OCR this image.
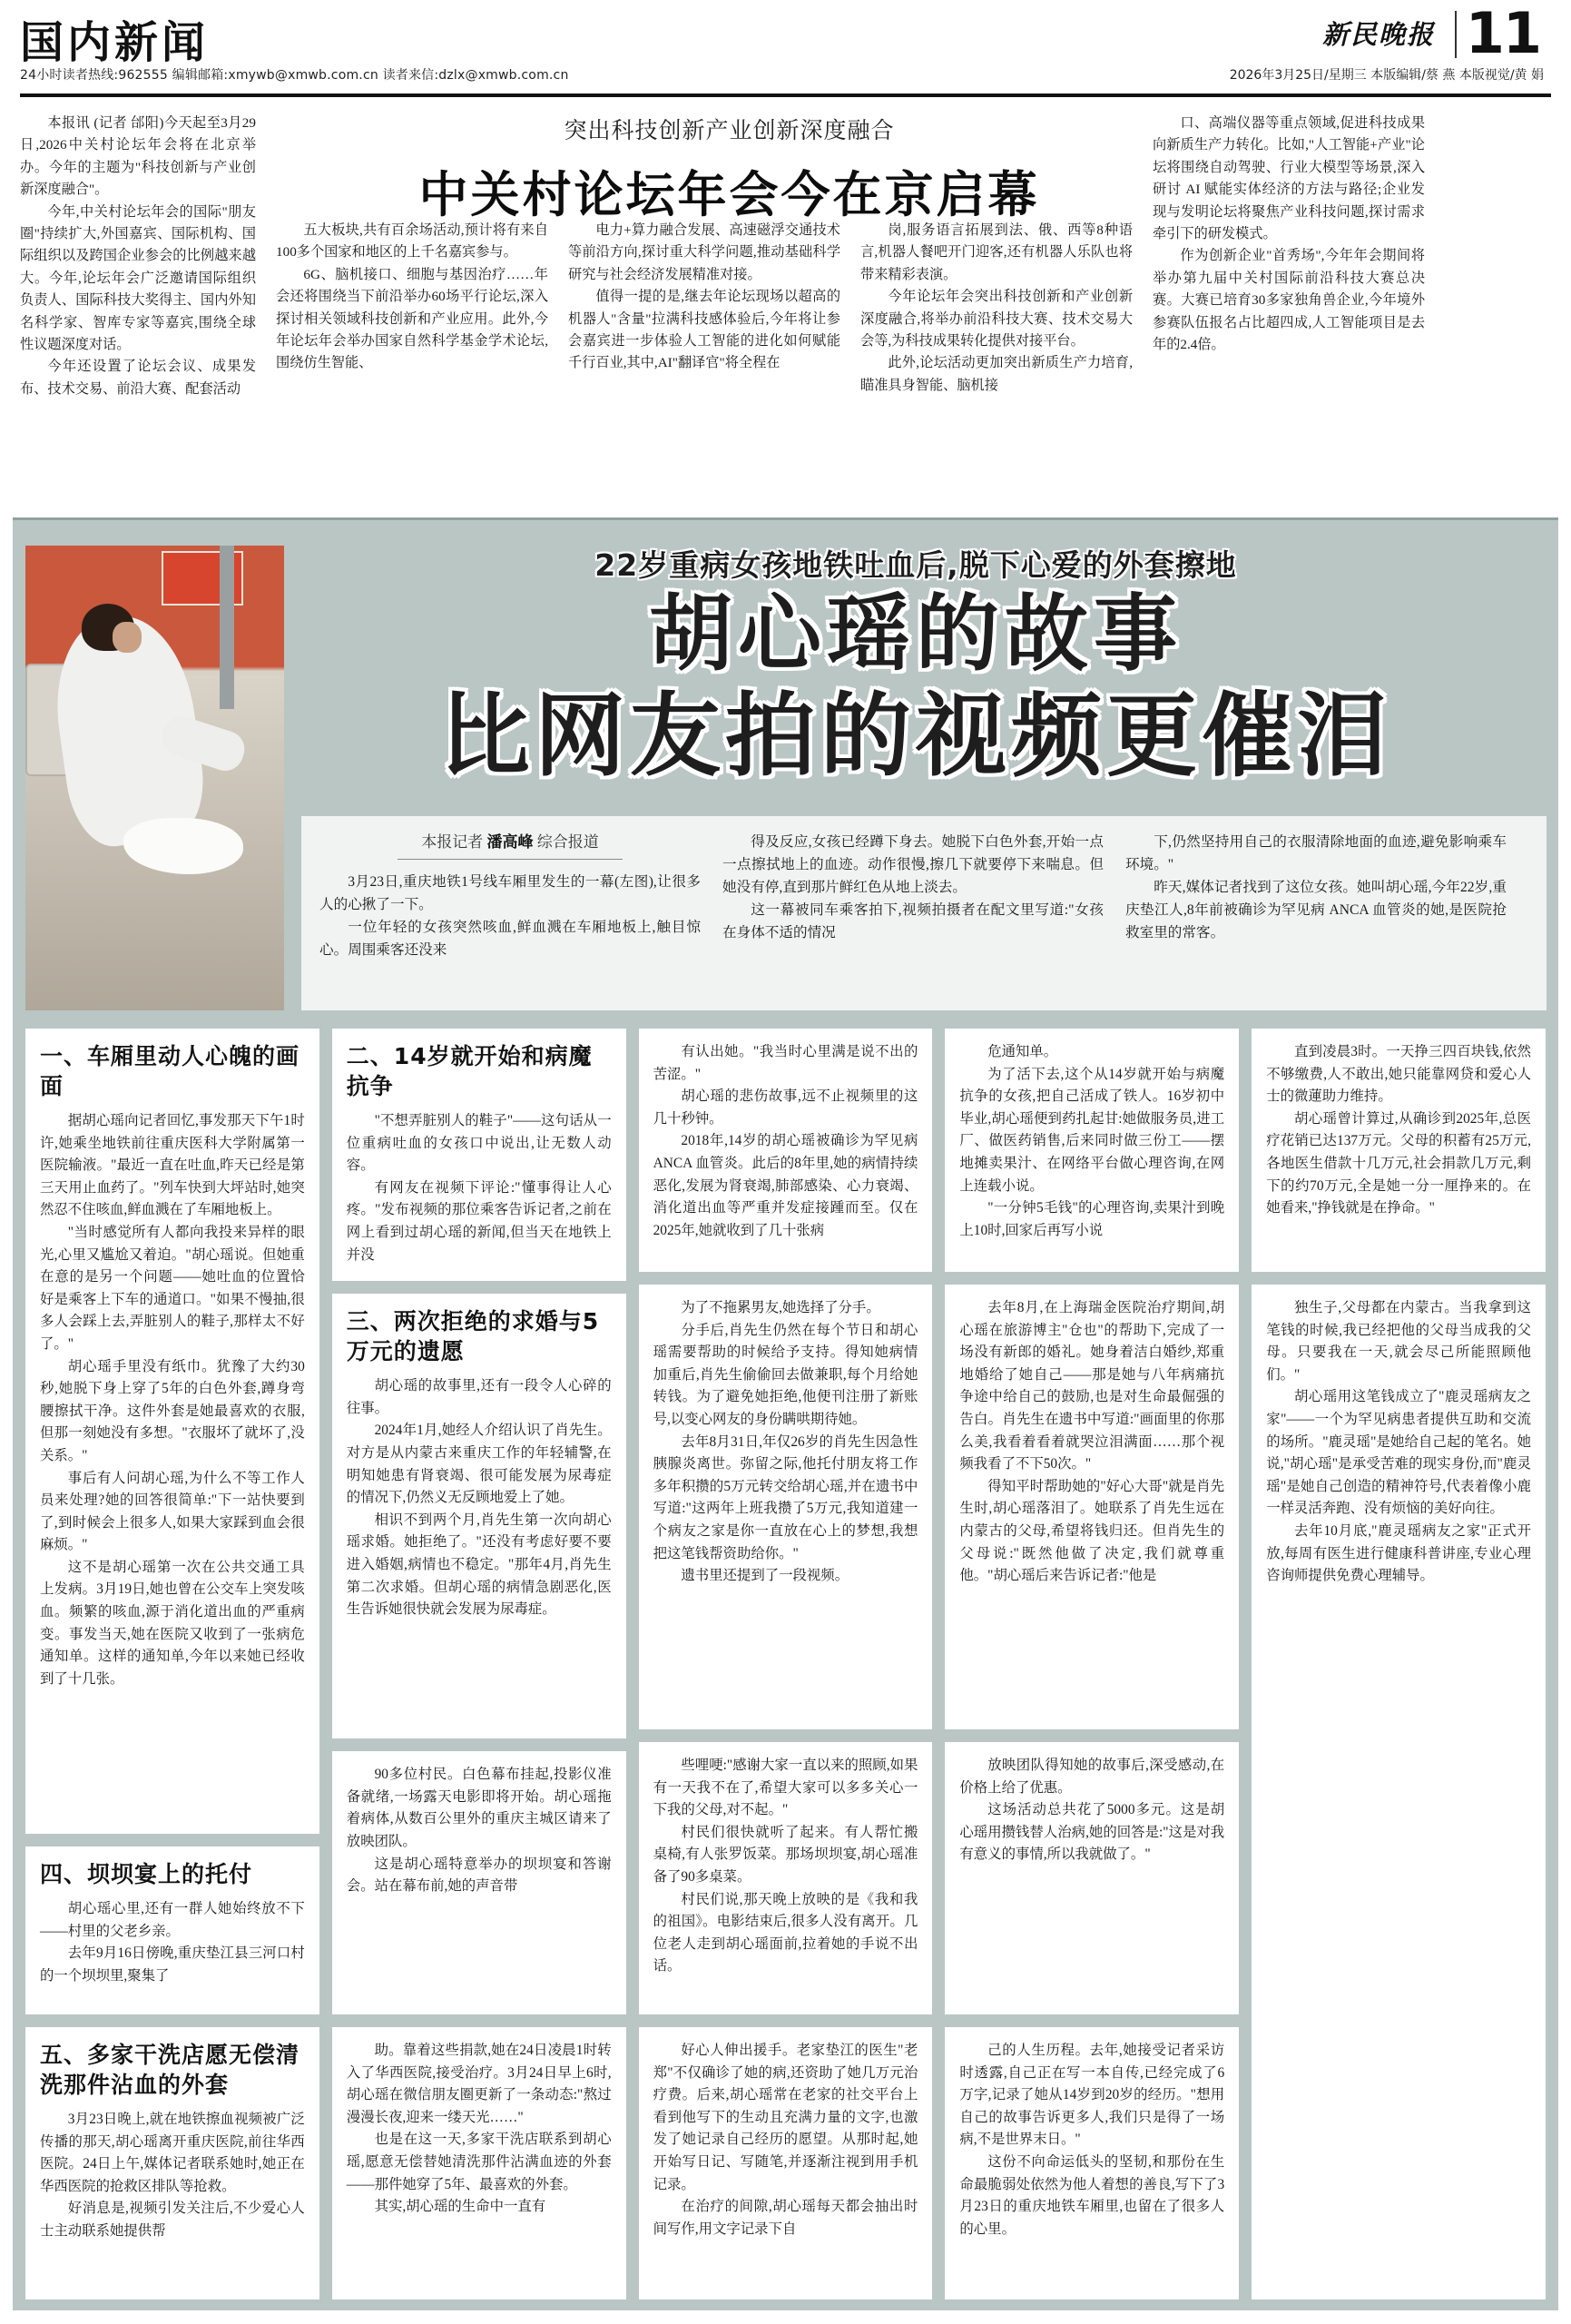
国内新闻	新民晚报 11
24小时读者热线:962555 编辑邮箱:xmywb@xmwb.com.cn 读者来信:dzlx@xmwb.com.cn	2026年3月25日/星期三 本版编辑/蔡 燕 本版视觉/黄 娟
突出科技创新产业创新深度融合
中关村论坛年会今在京启幕

本报讯 (记者 邰阳)今天起至3月29日,2026中关村论坛年会将在北京举办。今年的主题为"科技创新与产业创新深度融合"。

今年,中关村论坛年会的国际"朋友圈"持续扩大,外国嘉宾、国际机构、国际组织以及跨国企业参会的比例越来越大。今年,论坛年会广泛邀请国际组织负责人、国际科技大奖得主、国内外知名科学家、智库专家等嘉宾,围绕全球性议题深度对话。

今年还设置了论坛会议、成果发布、技术交易、前沿大赛、配套活动

五大板块,共有百余场活动,预计将有来自100多个国家和地区的上千名嘉宾参与。

6G、脑机接口、细胞与基因治疗……年会还将围绕当下前沿举办60场平行论坛,深入探讨相关领域科技创新和产业应用。此外,今年论坛年会举办国家自然科学基金学术论坛,围绕仿生智能、

电力+算力融合发展、高速磁浮交通技术等前沿方向,探讨重大科学问题,推动基础科学研究与社会经济发展精准对接。

值得一提的是,继去年论坛现场以超高的机器人"含量"拉满科技感体验后,今年将让参会嘉宾进一步体验人工智能的进化如何赋能千行百业,其中,AI"翻译官"将全程在

岗,服务语言拓展到法、俄、西等8种语言,机器人餐吧开门迎客,还有机器人乐队也将带来精彩表演。

今年论坛年会突出科技创新和产业创新深度融合,将举办前沿科技大赛、技术交易大会等,为科技成果转化提供对接平台。

此外,论坛活动更加突出新质生产力培育,瞄准具身智能、脑机接

口、高端仪器等重点领域,促进科技成果向新质生产力转化。比如,"人工智能+产业"论坛将围绕自动驾驶、行业大模型等场景,深入研讨 AI 赋能实体经济的方法与路径;企业发现与发明论坛将聚焦产业科技问题,探讨需求牵引下的研发模式。

作为创新企业"首秀场",今年年会期间将举办第九届中关村国际前沿科技大赛总决赛。大赛已培育30多家独角兽企业,今年境外参赛队伍报名占比超四成,人工智能项目是去年的2.4倍。

22岁重病女孩地铁吐血后,脱下心爱的外套擦地
胡心瑶的故事
比网友拍的视频更催泪
本报记者 潘高峰 综合报道

3月23日,重庆地铁1号线车厢里发生的一幕(左图),让很多人的心揪了一下。

一位年轻的女孩突然咳血,鲜血溅在车厢地板上,触目惊心。周围乘客还没来

得及反应,女孩已经蹲下身去。她脱下白色外套,开始一点一点擦拭地上的血迹。动作很慢,擦几下就要停下来喘息。但她没有停,直到那片鲜红色从地上淡去。

这一幕被同车乘客拍下,视频拍摄者在配文里写道:"女孩在身体不适的情况

下,仍然坚持用自己的衣服清除地面的血迹,避免影响乘车环境。"

昨天,媒体记者找到了这位女孩。她叫胡心瑶,今年22岁,重庆垫江人,8年前被确诊为罕见病 ANCA 血管炎的她,是医院抢救室里的常客。

一、车厢里动人心魄的画面

据胡心瑶向记者回忆,事发那天下午1时许,她乘坐地铁前往重庆医科大学附属第一医院输液。"最近一直在吐血,昨天已经是第三天用止血药了。"列车快到大坪站时,她突然忍不住咳血,鲜血溅在了车厢地板上。

"当时感觉所有人都向我投来异样的眼光,心里又尴尬又着迫。"胡心瑶说。但她重在意的是另一个问题——她吐血的位置恰好是乘客上下车的通道口。"如果不慢抽,很多人会踩上去,弄脏别人的鞋子,那样太不好了。"

胡心瑶手里没有纸巾。犹豫了大约30秒,她脱下身上穿了5年的白色外套,蹲身弯腰擦拭干净。这件外套是她最喜欢的衣服,但那一刻她没有多想。"衣服坏了就坏了,没关系。"

事后有人问胡心瑶,为什么不等工作人员来处理?她的回答很简单:"下一站快要到了,到时候会上很多人,如果大家踩到血会很麻烦。"

这不是胡心瑶第一次在公共交通工具上发病。3月19日,她也曾在公交车上突发咳血。频繁的咳血,源于消化道出血的严重病变。事发当天,她在医院又收到了一张病危通知单。这样的通知单,今年以来她已经收到了十几张。

四、坝坝宴上的托付

胡心瑶心里,还有一群人她始终放不下——村里的父老乡亲。

去年9月16日傍晚,重庆垫江县三河口村的一个坝坝里,聚集了

五、多家干洗店愿无偿清洗那件沾血的外套

3月23日晚上,就在地铁擦血视频被广泛传播的那天,胡心瑶离开重庆医院,前往华西医院。24日上午,媒体记者联系她时,她正在华西医院的抢救区排队等抢救。

好消息是,视频引发关注后,不少爱心人士主动联系她提供帮

二、14岁就开始和病魔抗争

"不想弄脏别人的鞋子"——这句话从一位重病吐血的女孩口中说出,让无数人动容。

有网友在视频下评论:"懂事得让人心疼。"发布视频的那位乘客告诉记者,之前在网上看到过胡心瑶的新闻,但当天在地铁上并没

三、两次拒绝的求婚与5万元的遗愿

胡心瑶的故事里,还有一段令人心碎的往事。

2024年1月,她经人介绍认识了肖先生。对方是从内蒙古来重庆工作的年轻辅警,在明知她患有肾衰竭、很可能发展为尿毒症的情况下,仍然义无反顾地爱上了她。

相识不到两个月,肖先生第一次向胡心瑶求婚。她拒绝了。"还没有考虑好要不要进入婚姻,病情也不稳定。"那年4月,肖先生第二次求婚。但胡心瑶的病情急剧恶化,医生告诉她很快就会发展为尿毒症。

90多位村民。白色幕布挂起,投影仪准备就绪,一场露天电影即将开始。胡心瑶拖着病体,从数百公里外的重庆主城区请来了放映团队。

这是胡心瑶特意举办的坝坝宴和答谢会。站在幕布前,她的声音带

助。靠着这些捐款,她在24日凌晨1时转入了华西医院,接受治疗。3月24日早上6时,胡心瑶在微信朋友圈更新了一条动态:"熬过漫漫长夜,迎来一缕天光……"

也是在这一天,多家干洗店联系到胡心瑶,愿意无偿替她清洗那件沾满血迹的外套——那件她穿了5年、最喜欢的外套。

其实,胡心瑶的生命中一直有

有认出她。"我当时心里满是说不出的苦涩。"

胡心瑶的悲伤故事,远不止视频里的这几十秒钟。

2018年,14岁的胡心瑶被确诊为罕见病 ANCA 血管炎。此后的8年里,她的病情持续恶化,发展为肾衰竭,肺部感染、心力衰竭、消化道出血等严重并发症接踵而至。仅在2025年,她就收到了几十张病

为了不拖累男友,她选择了分手。

分手后,肖先生仍然在每个节日和胡心瑶需要帮助的时候给予支持。得知她病情加重后,肖先生偷偷回去做兼职,每个月给她转钱。为了避免她拒绝,他便刊注册了新账号,以变心网友的身份瞒哄期待她。

去年8月31日,年仅26岁的肖先生因急性胰腺炎离世。弥留之际,他托付朋友将工作多年积攒的5万元转交给胡心瑶,并在遗书中写道:"这两年上班我攒了5万元,我知道建一个病友之家是你一直放在心上的梦想,我想把这笔钱帮资助给你。"

遗书里还提到了一段视频。

些哩哽:"感谢大家一直以来的照顾,如果有一天我不在了,希望大家可以多多关心一下我的父母,对不起。"

村民们很快就听了起来。有人帮忙搬桌椅,有人张罗饭菜。那场坝坝宴,胡心瑶准备了90多桌菜。

村民们说,那天晚上放映的是《我和我的祖国》。电影结束后,很多人没有离开。几位老人走到胡心瑶面前,拉着她的手说不出话。

好心人伸出援手。老家垫江的医生"老郑"不仅确诊了她的病,还资助了她几万元治疗费。后来,胡心瑶常在老家的社交平台上看到他写下的生动且充满力量的文字,也激发了她记录自己经历的愿望。从那时起,她开始写日记、写随笔,并逐渐注视到用手机记录。

在治疗的间隙,胡心瑶每天都会抽出时间写作,用文字记录下自

危通知单。

为了活下去,这个从14岁就开始与病魔抗争的女孩,把自己活成了铁人。16岁初中毕业,胡心瑶便到药扎起甘:她做服务员,进工厂、做医药销售,后来同时做三份工——摆地摊卖果汁、在网络平台做心理咨询,在网上连载小说。

"一分钟5毛钱"的心理咨询,卖果汁到晚上10时,回家后再写小说

去年8月,在上海瑞金医院治疗期间,胡心瑶在旅游博主"仓也"的帮助下,完成了一场没有新郎的婚礼。她身着洁白婚纱,郑重地婚给了她自己——那是她与八年病痛抗争途中给自己的鼓励,也是对生命最倔强的告白。肖先生在遗书中写道:"画面里的你那么美,我看着看着就哭泣泪满面……那个视频我看了不下50次。"

得知平时帮助她的"好心大哥"就是肖先生时,胡心瑶落泪了。她联系了肖先生远在内蒙古的父母,希望将钱归还。但肖先生的父母说:"既然他做了决定,我们就尊重他。"胡心瑶后来告诉记者:"他是

放映团队得知她的故事后,深受感动,在价格上给了优惠。

这场活动总共花了5000多元。这是胡心瑶用攒钱替人治病,她的回答是:"这是对我有意义的事情,所以我就做了。"

己的人生历程。去年,她接受记者采访时透露,自己正在写一本自传,已经完成了6万字,记录了她从14岁到20岁的经历。"想用自己的故事告诉更多人,我们只是得了一场病,不是世界末日。"

这份不向命运低头的坚韧,和那份在生命最脆弱处依然为他人着想的善良,写下了3月23日的重庆地铁车厢里,也留在了很多人的心里。

直到凌晨3时。一天挣三四百块钱,依然不够缴费,人不敢出,她只能靠网贷和爱心人士的微蓮助力维持。

胡心瑶曾计算过,从确诊到2025年,总医疗花销已达137万元。父母的积蓄有25万元,各地医生借款十几万元,社会捐款几万元,剩下的约70万元,全是她一分一厘挣来的。在她看来,"挣钱就是在挣命。"

独生子,父母都在内蒙古。当我拿到这笔钱的时候,我已经把他的父母当成我的父母。只要我在一天,就会尽己所能照顾他们。"

胡心瑶用这笔钱成立了"鹿灵瑶病友之家"——一个为罕见病患者提供互助和交流的场所。"鹿灵瑶"是她给自己起的笔名。她说,"胡心瑶"是承受苦难的现实身份,而"鹿灵瑶"是她自己创造的精神符号,代表着像小鹿一样灵活奔跑、没有烦恼的美好向往。

去年10月底,"鹿灵瑶病友之家"正式开放,每周有医生进行健康科普讲座,专业心理咨询师提供免费心理辅导。
